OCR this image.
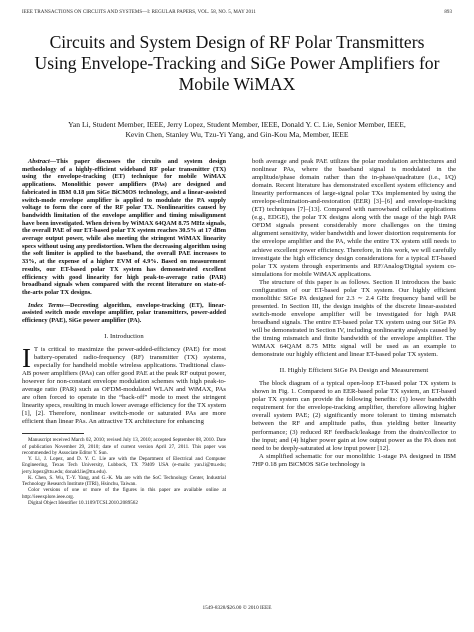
IEEE TRANSACTIONS ON CIRCUITS AND SYSTEMS—I: REGULAR PAPERS, VOL. 58, NO. 5, MAY 2011	893
Circuits and System Design of RF Polar Transmitters Using Envelope-Tracking and SiGe Power Amplifiers for Mobile WiMAX
Yan Li, Student Member, IEEE, Jerry Lopez, Student Member, IEEE, Donald Y. C. Lie, Senior Member, IEEE,
Kevin Chen, Stanley Wu, Tzu-Yi Yang, and Gin-Kou Ma, Member, IEEE

Abstract—This paper discusses the circuits and system design methodology of a highly-efficient wideband RF polar transmitter (TX) using the envelope-tracking (ET) technique for mobile WiMAX applications. Monolithic power amplifiers (PAs) are designed and fabricated in IBM 0.18 μm SiGe BiCMOS technology, and a linear-assisted switch-mode envelope amplifier is applied to modulate the PA supply voltage to form the core of the RF polar TX. Nonlinearities caused by bandwidth limitation of the envelope amplifier and timing misalignment have been investigated. When driven by WiMAX 64QAM 8.75 MHz signals, the overall PAE of our ET-based polar TX system reaches 30.5% at 17 dBm average output power, while also meeting the stringent WiMAX linearity specs without using any predistortion. When the decreasing algorithm using the soft limiter is applied to the baseband, the overall PAE increases to 33%, at the expense of a higher EVM of 4.9%. Based on measurement results, our ET-based polar TX system has demonstrated excellent efficiency with good linearity for high peak-to-average ratio (PAR) broadband signals when compared with the recent literature on state-of-the-arts polar TX designs.

Index Terms—Decresting algorithm, envelope-tracking (ET), linear-assisted switch mode envelope amplifier, polar transmitters, power-added efficiency (PAE), SiGe power amplifier (PA).

I. Introduction

I T is critical to maximize the power-added-efficiency (PAE) for most battery-operated radio-frequency (RF) transmitter (TX) systems, especially for handheld mobile wireless applications. Traditional class-AB power amplifiers (PAs) can offer good PAE at the peak RF output power, however for non-constant envelope modulation schemes with high peak-to-average ratio (PAR) such as OFDM-modulated WLAN and WiMAX, PAs are often forced to operate in the “back-off” mode to meet the stringent linearity specs, resulting in much lower average efficiency for the TX system [1], [2]. Therefore, nonlinear switch-mode or saturated PAs are more efficient than linear PAs. An attractive TX architecture for enhancing

Manuscript received March 02, 2010; revised July 13, 2010; accepted September 08, 2010. Date of publication November 29, 2010; date of current version April 27, 2011. This paper was recommended by Associate Editor Y. Sun.

Y. Li, J. Lopez, and D. Y. C. Lie are with the Department of Electrical and Computer Engineering, Texas Tech University, Lubbock, TX 79409 USA (e-mails: yan.li@ttu.edu; jerry.lopez@ttu.edu; donald.lie@ttu.edu).

K. Chen, S. Wu, T.-Y. Yang, and G.-K. Ma are with the SoC Technology Center, Industrial Technology Research Institute (ITRI), Hsinchu, Taiwan.

Color versions of one or more of the figures in this paper are available online at http://ieeexplore.ieee.org.

Digital Object Identifier 10.1109/TCSI.2010.2089562

both average and peak PAE utilizes the polar modulation architectures and nonlinear PAs, where the baseband signal is modulated in the amplitude/phase domain rather than the in-phase/quadrature (i.e., I/Q) domain. Recent literature has demonstrated excellent system efficiency and linearity performances of large-signal polar TXs implemented by using the envelope-elimination-and-restoration (EER) [3]–[6] and envelope-tracking (ET) techniques [7]–[13]. Compared with narrowband cellular applications (e.g., EDGE), the polar TX designs along with the usage of the high PAR OFDM signals present considerably more challenges on the timing alignment sensitivity, wider bandwidth and lower distortion requirements for the envelope amplifier and the PA, while the entire TX system still needs to achieve excellent power efficiency. Therefore, in this work, we will carefully investigate the high efficiency design considerations for a typical ET-based polar TX system through experiments and RF/Analog/Digital system co-simulations for mobile WiMAX applications.

The structure of this paper is as follows. Section II introduces the basic configuration of our ET-based polar TX system. Our highly efficient monolithic SiGe PA designed for 2.3 ∼ 2.4 GHz frequency band will be presented. In Section III, the design insights of the discrete linear-assisted switch-mode envelope amplifier will be investigated for high PAR broadband signals. The entire ET-based polar TX system using our SiGe PA will be demonstrated in Section IV, including nonlinearity analysis caused by the timing mismatch and finite bandwidth of the envelope amplifier. The WiMAX 64QAM 8.75 MHz signal will be used as an example to demonstrate our highly efficient and linear ET-based polar TX system.

II. Highly Efficient SiGe PA Design and Measurement

The block diagram of a typical open-loop ET-based polar TX system is shown in Fig. 1. Compared to an EER-based polar TX system, an ET-based polar TX system can provide the following benefits: (1) lower bandwidth requirement for the envelope-tracking amplifier, therefore allowing higher overall system PAE; (2) significantly more tolerant to timing mismatch between the RF and amplitude paths, thus yielding better linearity performance; (3) reduced RF feedback/leakage from the drain/collector to the input; and (4) higher power gain at low output power as the PA does not need to be deeply-saturated at low input power [12].

A simplified schematic for our monolithic 1-stage PA designed in IBM 7HP 0.18 μm BiCMOS SiGe technology is

1549-8328/$26.00 © 2010 IEEE
